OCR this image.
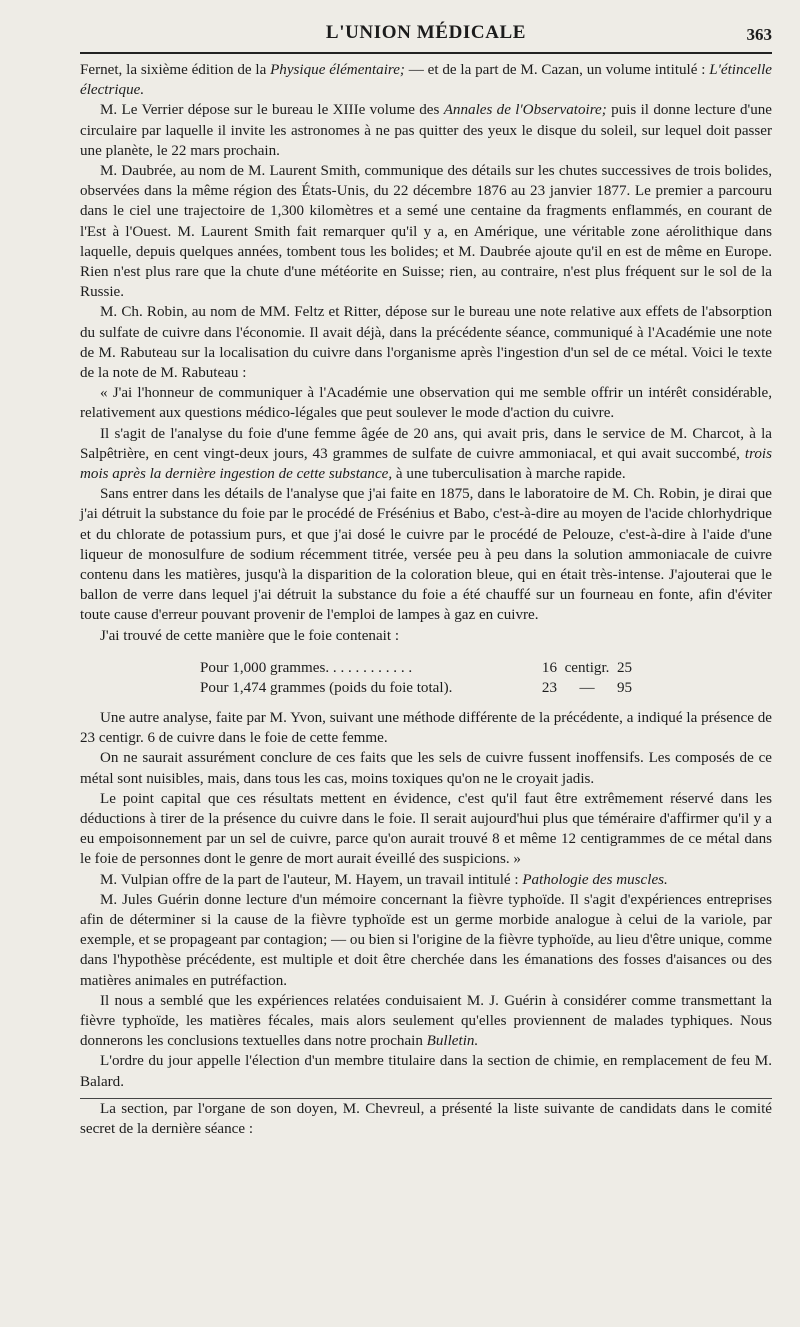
L'UNION MÉDICALE	363

Fernet, la sixième édition de la Physique élémentaire; — et de la part de M. Cazan, un volume intitulé : L'étincelle électrique.

M. Le Verrier dépose sur le bureau le XIIIe volume des Annales de l'Observatoire; puis il donne lecture d'une circulaire par laquelle il invite les astronomes à ne pas quitter des yeux le disque du soleil, sur lequel doit passer une planète, le 22 mars prochain.

M. Daubrée, au nom de M. Laurent Smith, communique des détails sur les chutes successives de trois bolides, observées dans la même région des États-Unis, du 22 décembre 1876 au 23 janvier 1877. Le premier a parcouru dans le ciel une trajectoire de 1,300 kilomètres et a semé une centaine da fragments enflammés, en courant de l'Est à l'Ouest. M. Laurent Smith fait remarquer qu'il y a, en Amérique, une véritable zone aérolithique dans laquelle, depuis quelques années, tombent tous les bolides; et M. Daubrée ajoute qu'il en est de même en Europe. Rien n'est plus rare que la chute d'une météorite en Suisse; rien, au contraire, n'est plus fréquent sur le sol de la Russie.

M. Ch. Robin, au nom de MM. Feltz et Ritter, dépose sur le bureau une note relative aux effets de l'absorption du sulfate de cuivre dans l'économie. Il avait déjà, dans la précédente séance, communiqué à l'Académie une note de M. Rabuteau sur la localisation du cuivre dans l'organisme après l'ingestion d'un sel de ce métal. Voici le texte de la note de M. Rabuteau :

« J'ai l'honneur de communiquer à l'Académie une observation qui me semble offrir un intérêt considérable, relativement aux questions médico-légales que peut soulever le mode d'action du cuivre.

Il s'agit de l'analyse du foie d'une femme âgée de 20 ans, qui avait pris, dans le service de M. Charcot, à la Salpêtrière, en cent vingt-deux jours, 43 grammes de sulfate de cuivre ammoniacal, et qui avait succombé, trois mois après la dernière ingestion de cette substance, à une tuberculisation à marche rapide.

Sans entrer dans les détails de l'analyse que j'ai faite en 1875, dans le laboratoire de M. Ch. Robin, je dirai que j'ai détruit la substance du foie par le procédé de Frésénius et Babo, c'est-à-dire au moyen de l'acide chlorhydrique et du chlorate de potassium purs, et que j'ai dosé le cuivre par le procédé de Pelouze, c'est-à-dire à l'aide d'une liqueur de monosulfure de sodium récemment titrée, versée peu à peu dans la solution ammoniacale de cuivre contenu dans les matières, jusqu'à la disparition de la coloration bleue, qui en était très-intense. J'ajouterai que le ballon de verre dans lequel j'ai détruit la substance du foie a été chauffé sur un fourneau en fonte, afin d'éviter toute cause d'erreur pouvant provenir de l'emploi de lampes à gaz en cuivre.

J'ai trouvé de cette manière que le foie contenait :

Pour 1,000 grammes. . . . . . . . . . . .	16 centigr. 25
Pour 1,474 grammes (poids du foie total).	23	—	95

Une autre analyse, faite par M. Yvon, suivant une méthode différente de la précédente, a indiqué la présence de 23 centigr. 6 de cuivre dans le foie de cette femme.

On ne saurait assurément conclure de ces faits que les sels de cuivre fussent inoffensifs. Les composés de ce métal sont nuisibles, mais, dans tous les cas, moins toxiques qu'on ne le croyait jadis.

Le point capital que ces résultats mettent en évidence, c'est qu'il faut être extrêmement réservé dans les déductions à tirer de la présence du cuivre dans le foie. Il serait aujourd'hui plus que téméraire d'affirmer qu'il y a eu empoisonnement par un sel de cuivre, parce qu'on aurait trouvé 8 et même 12 centigrammes de ce métal dans le foie de personnes dont le genre de mort aurait éveillé des suspicions. »

M. Vulpian offre de la part de l'auteur, M. Hayem, un travail intitulé : Pathologie des muscles.

M. Jules Guérin donne lecture d'un mémoire concernant la fièvre typhoïde. Il s'agit d'expériences entreprises afin de déterminer si la cause de la fièvre typhoïde est un germe morbide analogue à celui de la variole, par exemple, et se propageant par contagion; — ou bien si l'origine de la fièvre typhoïde, au lieu d'être unique, comme dans l'hypothèse précédente, est multiple et doit être cherchée dans les émanations des fosses d'aisances ou des matières animales en putréfaction.

Il nous a semblé que les expériences relatées conduisaient M. J. Guérin à considérer comme transmettant la fièvre typhoïde, les matières fécales, mais alors seulement qu'elles proviennent de malades typhiques. Nous donnerons les conclusions textuelles dans notre prochain Bulletin.

L'ordre du jour appelle l'élection d'un membre titulaire dans la section de chimie, en remplacement de feu M. Balard.

La section, par l'organe de son doyen, M. Chevreul, a présenté la liste suivante de candidats dans le comité secret de la dernière séance :
